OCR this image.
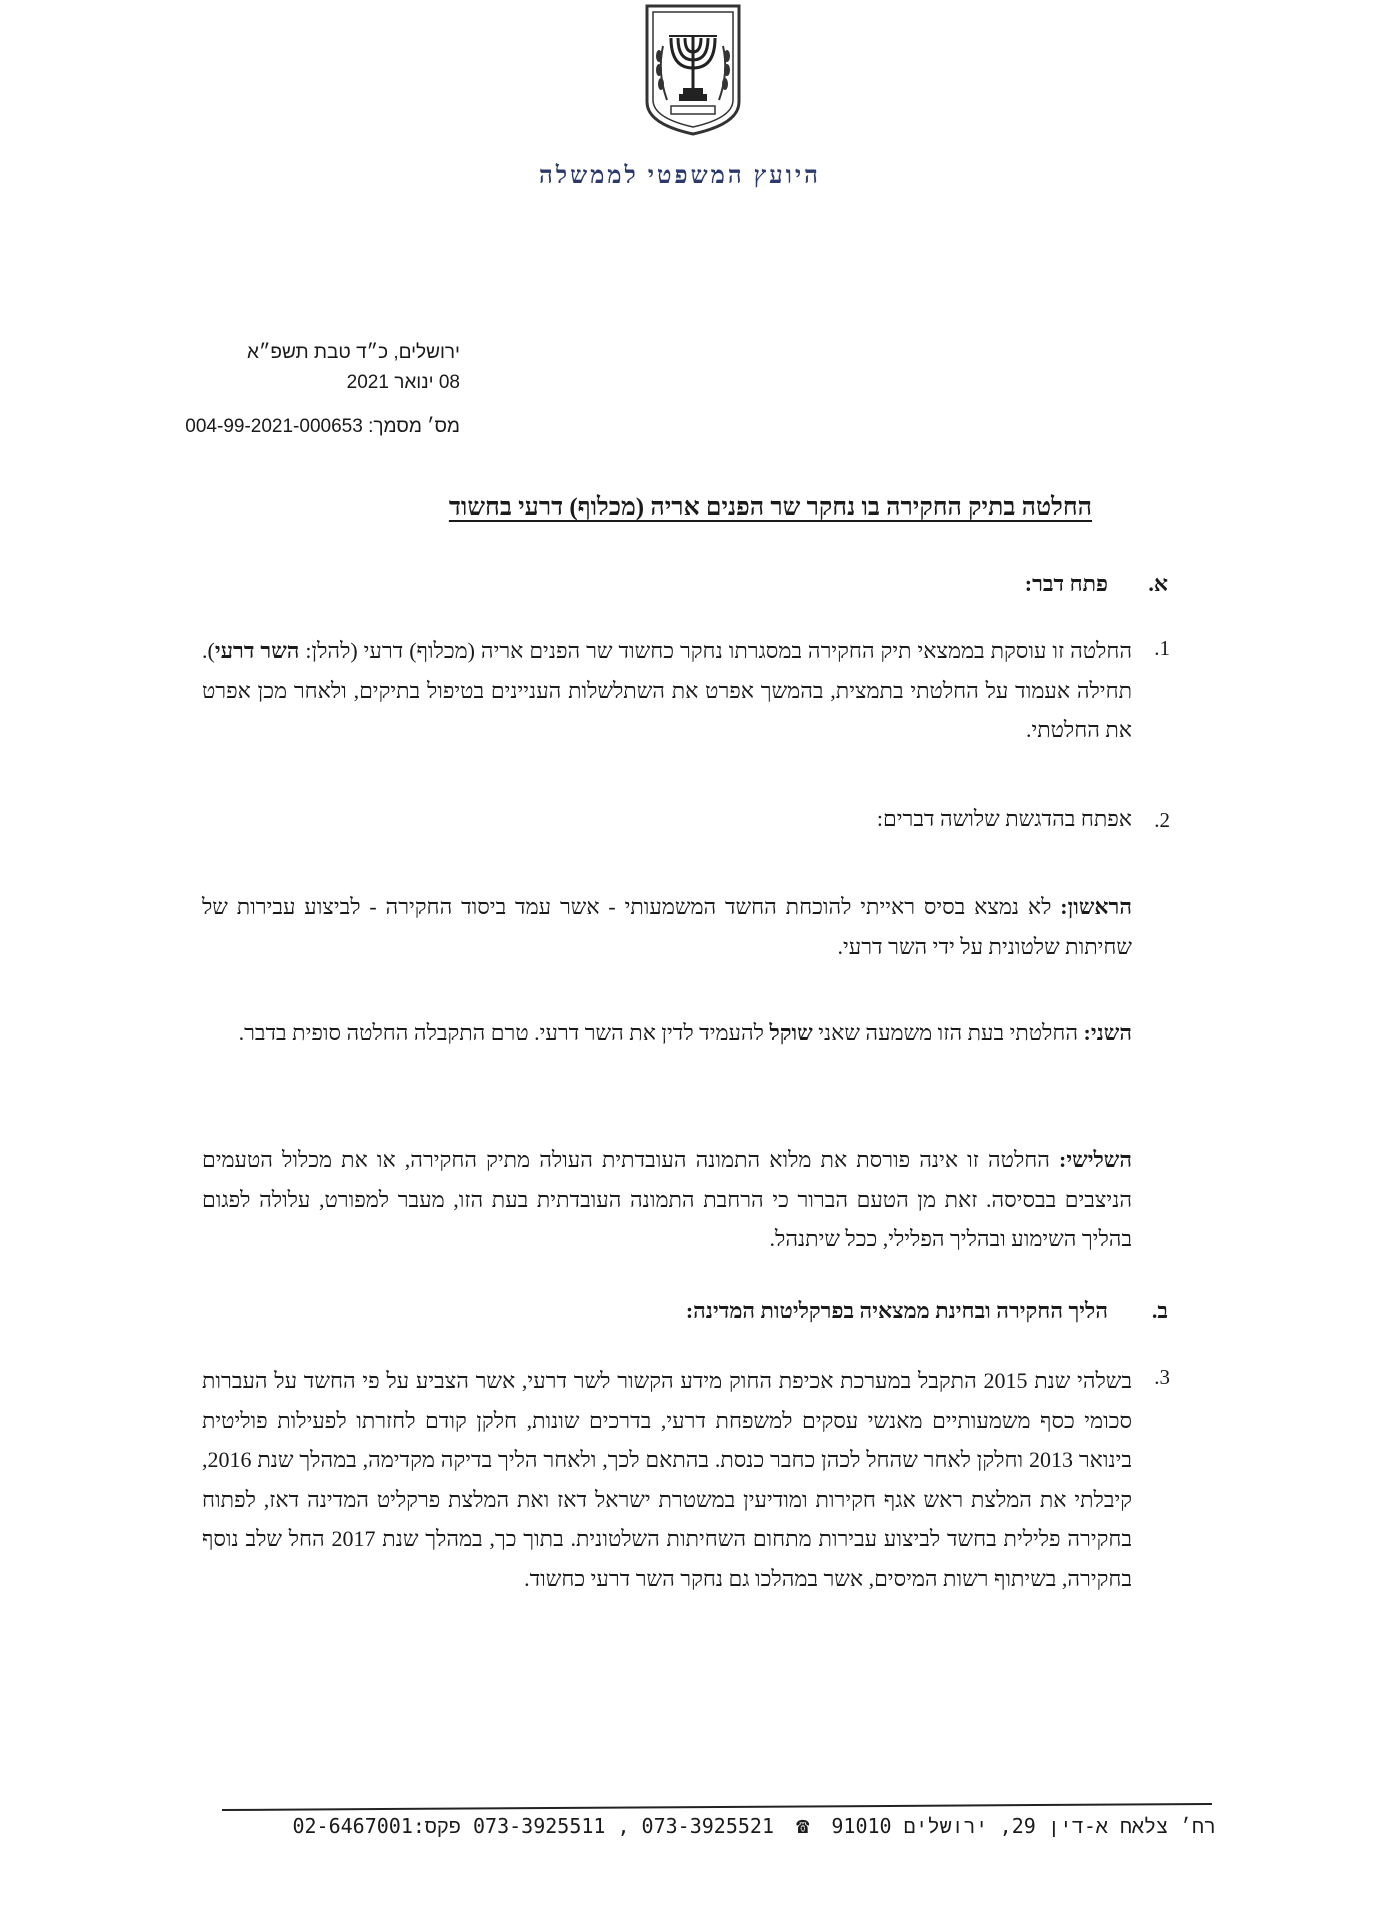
היועץ המשפטי לממשלה
ירושלים, כ״ד טבת תשפ״א
08 ינואר 2021
מס׳ מסמך: 004-99-2021-000653
החלטה בתיק החקירה בו נחקר שר הפנים אריה (מכלוף) דרעי בחשוד
א.
פתח דבר:
1.
החלטה זו עוסקת בממצאי תיק החקירה במסגרתו נחקר כחשוד שר הפנים אריה (מכלוף) דרעי (להלן: השר דרעי). תחילה אעמוד על החלטתי בתמצית, בהמשך אפרט את השתלשלות העניינים בטיפול בתיקים, ולאחר מכן אפרט את החלטתי.
2.
אפתח בהדגשת שלושה דברים:
הראשון: לא נמצא בסיס ראייתי להוכחת החשד המשמעותי - אשר עמד ביסוד החקירה - לביצוע עבירות של שחיתות שלטונית על ידי השר דרעי.
השני: החלטתי בעת הזו משמעה שאני שוקל להעמיד לדין את השר דרעי. טרם התקבלה החלטה סופית בדבר.
השלישי: החלטה זו אינה פורסת את מלוא התמונה העובדתית העולה מתיק החקירה, או את מכלול הטעמים הניצבים בבסיסה. זאת מן הטעם הברור כי הרחבת התמונה העובדתית בעת הזו, מעבר למפורט, עלולה לפגום בהליך השימוע ובהליך הפלילי, ככל שיתנהל.
ב.
הליך החקירה ובחינת ממצאיה בפרקליטות המדינה:
3.
בשלהי שנת 2015 התקבל במערכת אכיפת החוק מידע הקשור לשר דרעי, אשר הצביע על פי החשד על העברות סכומי כסף משמעותיים מאנשי עסקים למשפחת דרעי, בדרכים שונות, חלקן קודם לחזרתו לפעילות פוליטית בינואר 2013 וחלקן לאחר שהחל לכהן כחבר כנסת. בהתאם לכך, ולאחר הליך בדיקה מקדימה, במהלך שנת 2016, קיבלתי את המלצת ראש אגף חקירות ומודיעין במשטרת ישראל דאז ואת המלצת פרקליט המדינה דאז, לפתוח בחקירה פלילית בחשד לביצוע עבירות מתחום השחיתות השלטונית. בתוך כך, במהלך שנת 2017 החל שלב נוסף בחקירה, בשיתוף רשות המיסים, אשר במהלכו גם נחקר השר דרעי כחשוד.
רח׳ צלאח א-דין 29, ירושלים 91010 ☎ 073-3925511 , 073-3925521 פקס:02-6467001
